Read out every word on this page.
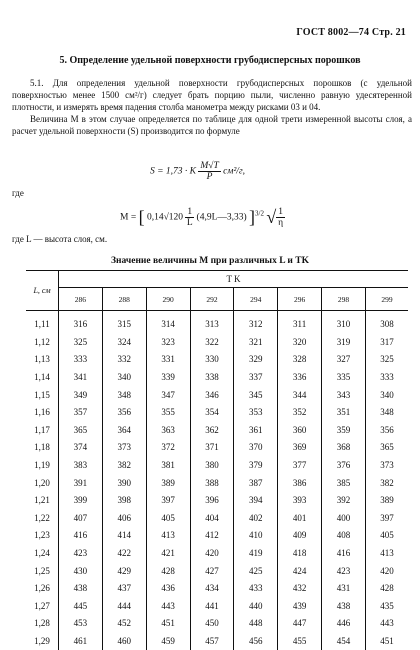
ГОСТ 8002—74 Стр. 21
5. Определение удельной поверхности грубодисперсных порошков
5.1. Для определения удельной поверхности грубодисперсных порошков (с удельной поверхностью менее 1500 см²/г) следует брать порцию пыли, численно равную удесятеренной плотности, и измерять время падения столба манометра между рисками 03 и 04.
Величина M в этом случае определяется по таблице для одной трети измеренной высоты слоя, а расчет удельной поверхности (S) производится по формуле
S = 1,73 · K $\frac{M√T}{P} см^2/г$,
где
M = [ $0,14√120 \frac{1}{L}$ (4,9L—3,33) ]$^{3/2}$ √ $\frac{1}{\eta}$
где L — высота слоя, см.
Значение величины M при различных L и TK
L, см	T K							
	286	288	290	292	294	296	298	299
1,11	316	315	314	313	312	311	310	308
1,12	325	324	323	322	321	320	319	317
1,13	333	332	331	330	329	328	327	325
1,14	341	340	339	338	337	336	335	333
1,15	349	348	347	346	345	344	343	340
1,16	357	356	355	354	353	352	351	348
1,17	365	364	363	362	361	360	359	356
1,18	374	373	372	371	370	369	368	365
1,19	383	382	381	380	379	377	376	373
1,20	391	390	389	388	387	386	385	382
1,21	399	398	397	396	394	393	392	389
1,22	407	406	405	404	402	401	400	397
1,23	416	414	413	412	410	409	408	405
1,24	423	422	421	420	419	418	416	413
1,25	430	429	428	427	425	424	423	420
1,26	438	437	436	434	433	432	431	428
1,27	445	444	443	441	440	439	438	435
1,28	453	452	451	450	448	447	446	443
1,29	461	460	459	457	456	455	454	451
